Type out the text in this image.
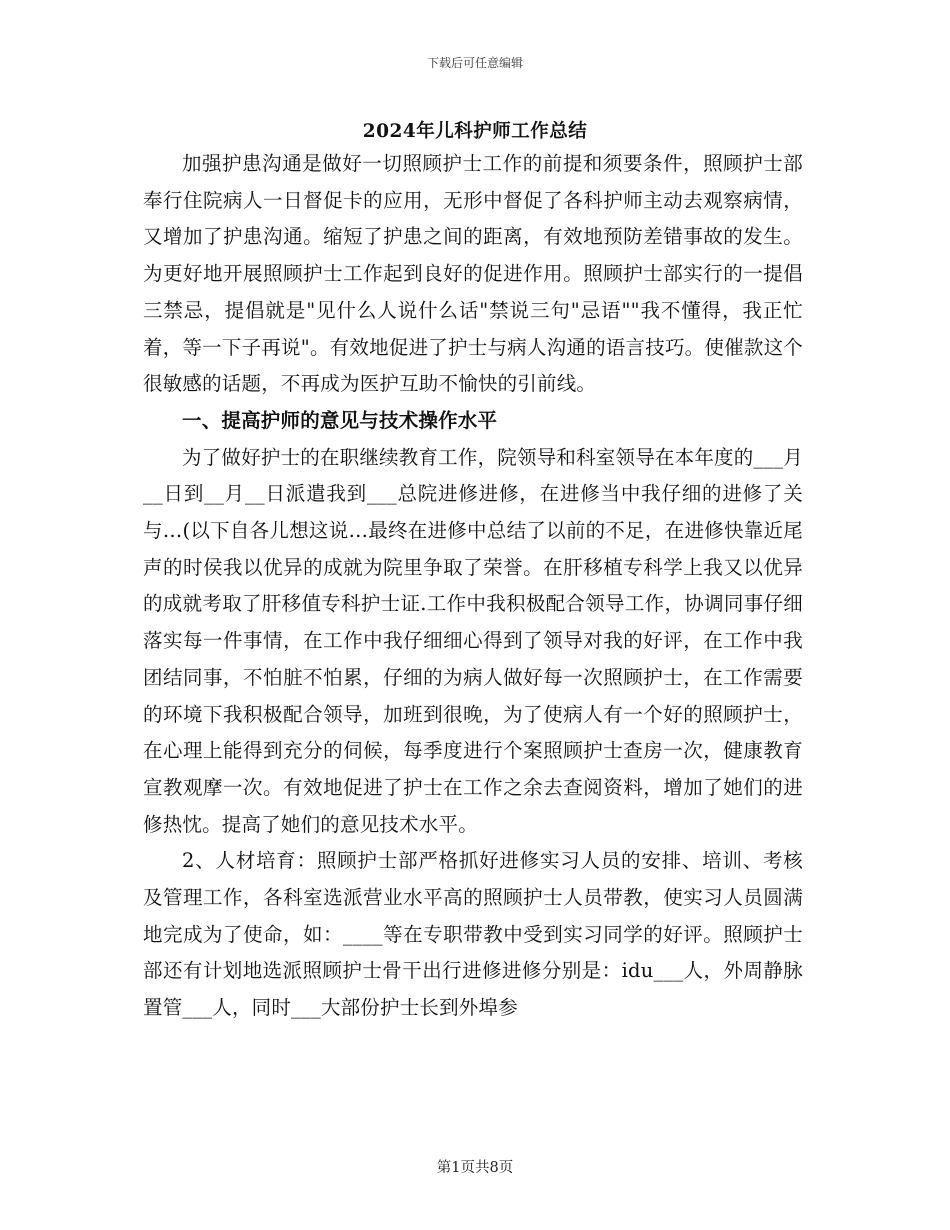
下载后可任意编辑
2024年儿科护师工作总结

加强护患沟通是做好一切照顾护士工作的前提和须要条件，照顾护士部奉行住院病人一日督促卡的应用，无形中督促了各科护师主动去观察病情，又增加了护患沟通。缩短了护患之间的距离，有效地预防差错事故的发生。为更好地开展照顾护士工作起到良好的促进作用。照顾护士部实行的一提倡三禁忌，提倡就是"见什么人说什么话"禁说三句"忌语""我不懂得，我正忙着，等一下子再说"。有效地促进了护士与病人沟通的语言技巧。使催款这个很敏感的话题，不再成为医护互助不愉快的引前线。

一、提高护师的意见与技术操作水平

为了做好护士的在职继续教育工作，院领导和科室领导在本年度的___月__日到__月__日派遣我到___总院进修进修，在进修当中我仔细的进修了关与…(以下自各儿想这说…最终在进修中总结了以前的不足，在进修快靠近尾声的时侯我以优异的成就为院里争取了荣誉。在肝移植专科学上我又以优异的成就考取了肝移值专科护士证.工作中我积极配合领导工作，协调同事仔细落实每一件事情，在工作中我仔细细心得到了领导对我的好评，在工作中我团结同事，不怕脏不怕累，仔细的为病人做好每一次照顾护士，在工作需要的环境下我积极配合领导，加班到很晚，为了使病人有一个好的照顾护士，在心理上能得到充分的伺候，每季度进行个案照顾护士查房一次，健康教育宣教观摩一次。有效地促进了护士在工作之余去查阅资料，增加了她们的进修热忱。提高了她们的意见技术水平。

2、人材培育：照顾护士部严格抓好进修实习人员的安排、培训、考核及管理工作，各科室选派营业水平高的照顾护士人员带教，使实习人员圆满地完成为了使命，如：____等在专职带教中受到实习同学的好评。照顾护士部还有计划地选派照顾护士骨干出行进修进修分别是：idu___人，外周静脉置管___人，同时___大部份护士长到外埠参

第1页共8页
